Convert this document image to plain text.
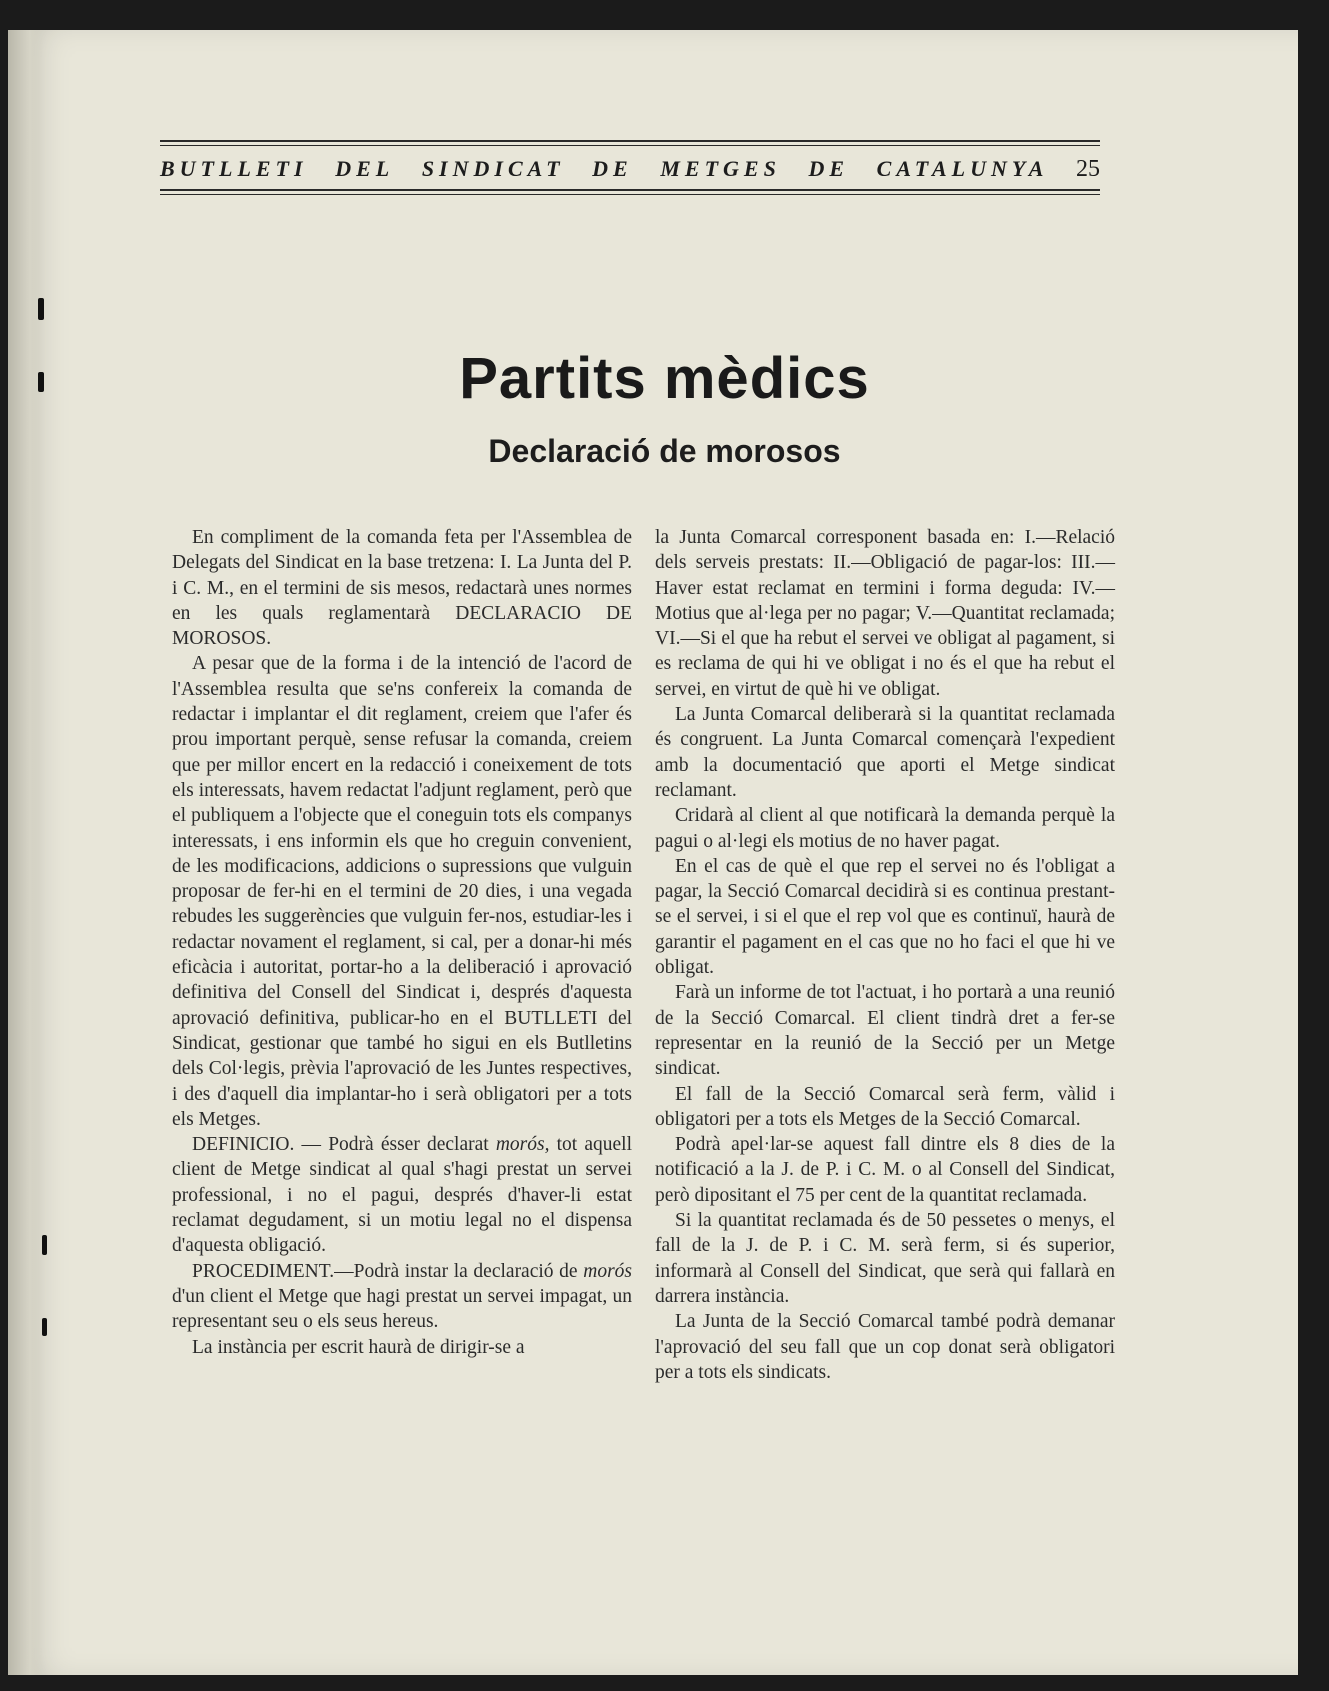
BUTLLETI DEL SINDICAT DE METGES DE CATALUNYA 25
Partits mèdics
Declaració de morosos

En compliment de la comanda feta per l'Assemblea de Delegats del Sindicat en la base tretzena: I. La Junta del P. i C. M., en el termini de sis mesos, redactarà unes normes en les quals reglamentarà DECLARACIO DE MOROSOS.

A pesar que de la forma i de la intenció de l'acord de l'Assemblea resulta que se'ns confereix la comanda de redactar i implantar el dit reglament, creiem que l'afer és prou important perquè, sense refusar la comanda, creiem que per millor encert en la redacció i coneixement de tots els interessats, havem redactat l'adjunt reglament, però que el publiquem a l'objecte que el coneguin tots els companys interessats, i ens informin els que ho creguin convenient, de les modificacions, addicions o supressions que vulguin proposar de fer-hi en el termini de 20 dies, i una vegada rebudes les suggerències que vulguin fer-nos, estudiar-les i redactar novament el reglament, si cal, per a donar-hi més eficàcia i autoritat, portar-ho a la deliberació i aprovació definitiva del Consell del Sindicat i, després d'aquesta aprovació definitiva, publicar-ho en el BUTLLETI del Sindicat, gestionar que també ho sigui en els Butlletins dels Col·legis, prèvia l'aprovació de les Juntes respectives, i des d'aquell dia implantar-ho i serà obligatori per a tots els Metges.

DEFINICIO. — Podrà ésser declarat morós, tot aquell client de Metge sindicat al qual s'hagi prestat un servei professional, i no el pagui, després d'haver-li estat reclamat degudament, si un motiu legal no el dispensa d'aquesta obligació.

PROCEDIMENT.—Podrà instar la declaració de morós d'un client el Metge que hagi prestat un servei impagat, un representant seu o els seus hereus.

La instància per escrit haurà de dirigir-se a

la Junta Comarcal corresponent basada en: I.—Relació dels serveis prestats: II.—Obligació de pagar-los: III.—Haver estat reclamat en termini i forma deguda: IV.—Motius que al·lega per no pagar; V.—Quantitat reclamada; VI.—Si el que ha rebut el servei ve obligat al pagament, si es reclama de qui hi ve obligat i no és el que ha rebut el servei, en virtut de què hi ve obligat.

La Junta Comarcal deliberarà si la quantitat reclamada és congruent. La Junta Comarcal començarà l'expedient amb la documentació que aporti el Metge sindicat reclamant.

Cridarà al client al que notificarà la demanda perquè la pagui o al·legi els motius de no haver pagat.

En el cas de què el que rep el servei no és l'obligat a pagar, la Secció Comarcal decidirà si es continua prestant-se el servei, i si el que el rep vol que es continuï, haurà de garantir el pagament en el cas que no ho faci el que hi ve obligat.

Farà un informe de tot l'actuat, i ho portarà a una reunió de la Secció Comarcal. El client tindrà dret a fer-se representar en la reunió de la Secció per un Metge sindicat.

El fall de la Secció Comarcal serà ferm, vàlid i obligatori per a tots els Metges de la Secció Comarcal.

Podrà apel·lar-se aquest fall dintre els 8 dies de la notificació a la J. de P. i C. M. o al Consell del Sindicat, però dipositant el 75 per cent de la quantitat reclamada.

Si la quantitat reclamada és de 50 pessetes o menys, el fall de la J. de P. i C. M. serà ferm, si és superior, informarà al Consell del Sindicat, que serà qui fallarà en darrera instància.

La Junta de la Secció Comarcal també podrà demanar l'aprovació del seu fall que un cop donat serà obligatori per a tots els sindicats.
